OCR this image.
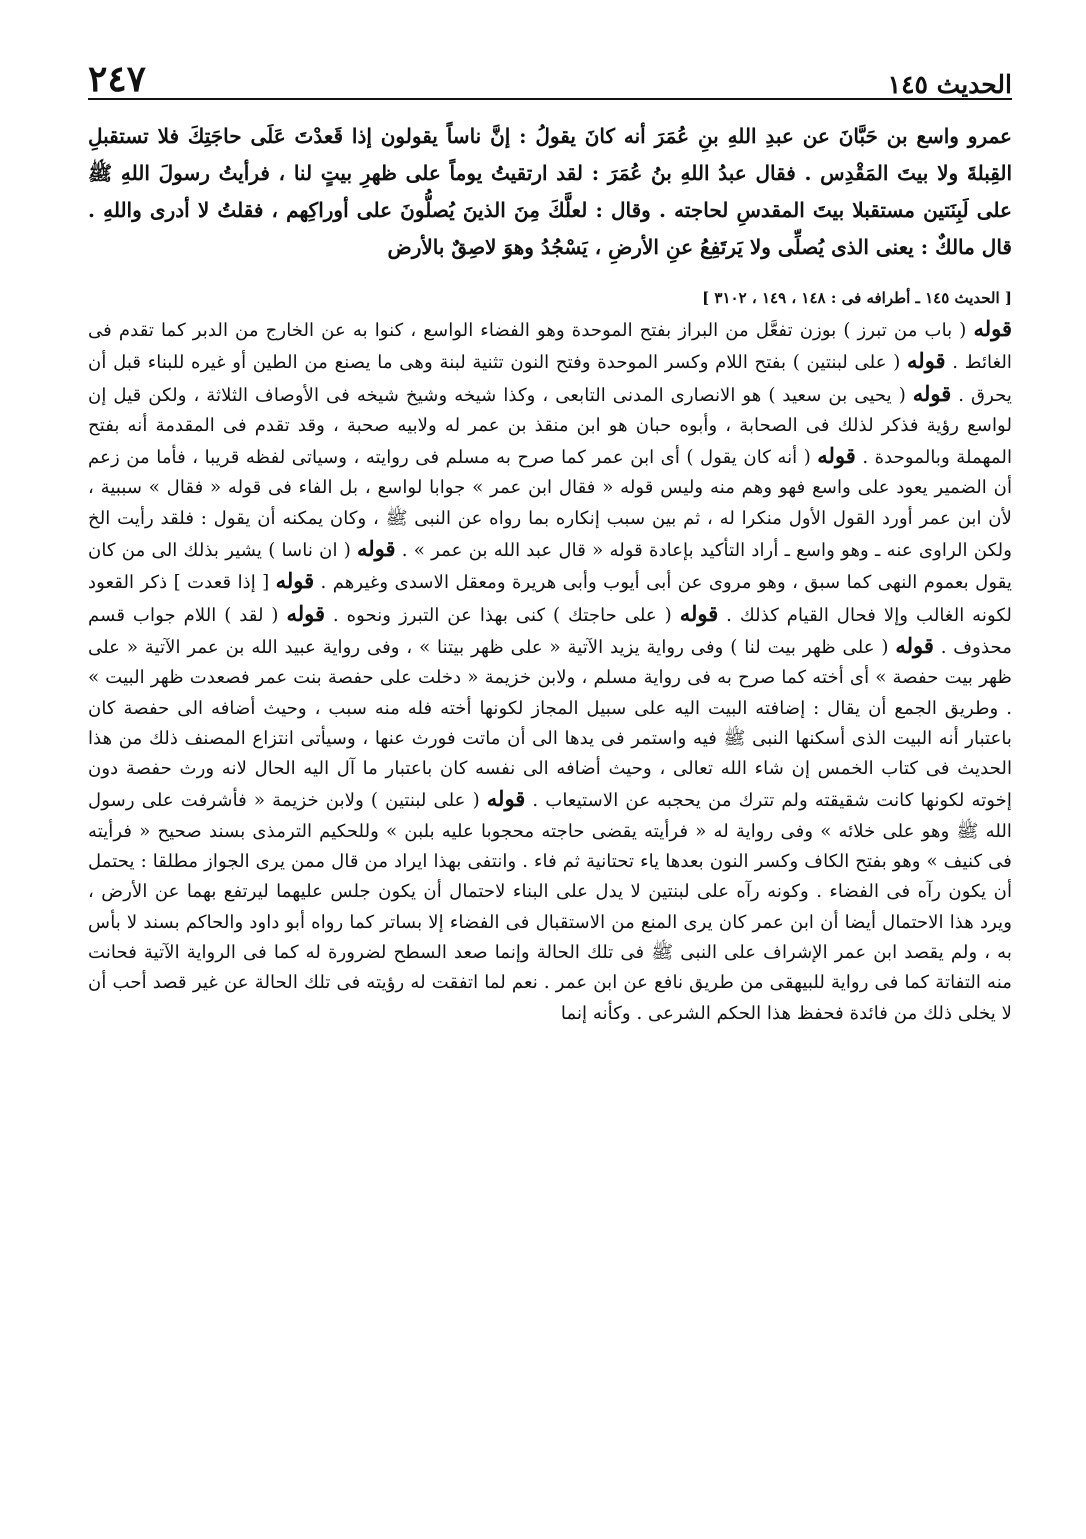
الحديث ١٤٥
٢٤٧

عمرو واسع بن حَبَّانَ عن عبدِ اللهِ بنِ عُمَرَ أنه كانَ يقولُ : إنَّ ناساً يقولون إذا قَعدْتَ عَلَى حاجَتِكَ فلا تستقبلِ القِبلةَ ولا بيتَ المَقْدِس . فقال عبدُ اللهِ بنُ عُمَرَ : لقد ارتقيتُ يوماً على ظهرِ بيتٍ لنا ، فرأيتُ رسولَ اللهِ ﷺ على لَبِنَتين مستقبلا بيتَ المقدسِ لحاجته . وقال : لعلَّكَ مِنَ الذينَ يُصلُّونَ على أوراكِهم ، فقلتُ لا أدرى واللهِ . قال مالكٌ : يعنى الذى يُصلِّى ولا يَرتَفِعُ عنِ الأرضِ ، يَسْجُدُ وهوَ لاصِقٌ بالأرض

[ الحديث ١٤٥ ـ أطرافه فى : ١٤٨ ، ١٤٩ ، ٣١٠٢ ]
قوله ( باب من تبرز ) بوزن تفعَّل من البراز بفتح الموحدة وهو الفضاء الواسع ، كنوا به عن الخارج من الدبر كما تقدم فى الغائط . قوله ( على لبنتين ) بفتح اللام وكسر الموحدة وفتح النون تثنية لبنة وهى ما يصنع من الطين أو غيره للبناء قبل أن يحرق . قوله ( يحيى بن سعيد ) هو الانصارى المدنى التابعى ، وكذا شيخه وشيخ شيخه فى الأوصاف الثلاثة ، ولكن قيل إن لواسع رؤية فذكر لذلك فى الصحابة ، وأبوه حبان هو ابن منقذ بن عمر له ولابيه صحبة ، وقد تقدم فى المقدمة أنه بفتح المهملة وبالموحدة . قوله ( أنه كان يقول ) أى ابن عمر كما صرح به مسلم فى روايته ، وسياتى لفظه قريبا ، فأما من زعم أن الضمير يعود على واسع فهو وهم منه وليس قوله « فقال ابن عمر » جوابا لواسع ، بل الفاء فى قوله « فقال » سببية ، لأن ابن عمر أورد القول الأول منكرا له ، ثم بين سبب إنكاره بما رواه عن النبى ﷺ ، وكان يمكنه أن يقول : فلقد رأيت الخ ولكن الراوى عنه ـ وهو واسع ـ أراد التأكيد بإعادة قوله « قال عبد الله بن عمر » . قوله ( ان ناسا ) يشير بذلك الى من كان يقول بعموم النهى كما سبق ، وهو مروى عن أبى أيوب وأبى هريرة ومعقل الاسدى وغيرهم . قوله [ إذا قعدت ] ذكر القعود لكونه الغالب وإلا فحال القيام كذلك . قوله ( على حاجتك ) كنى بهذا عن التبرز ونحوه . قوله ( لقد ) اللام جواب قسم محذوف . قوله ( على ظهر بيت لنا ) وفى رواية يزيد الآتية « على ظهر بيتنا » ، وفى رواية عبيد الله بن عمر الآتية « على ظهر بيت حفصة » أى أخته كما صرح به فى رواية مسلم ، ولابن خزيمة « دخلت على حفصة بنت عمر فصعدت ظهر البيت » . وطريق الجمع أن يقال : إضافته البيت اليه على سبيل المجاز لكونها أخته فله منه سبب ، وحيث أضافه الى حفصة كان باعتبار أنه البيت الذى أسكنها النبى ﷺ فيه واستمر فى يدها الى أن ماتت فورث عنها ، وسيأتى انتزاع المصنف ذلك من هذا الحديث فى كتاب الخمس إن شاء الله تعالى ، وحيث أضافه الى نفسه كان باعتبار ما آل اليه الحال لانه ورث حفصة دون إخوته لكونها كانت شقيقته ولم تترك من يحجبه عن الاستيعاب . قوله ( على لبنتين ) ولابن خزيمة « فأشرفت على رسول الله ﷺ وهو على خلائه » وفى رواية له « فرأيته يقضى حاجته محجوبا عليه بلبن » وللحكيم الترمذى بسند صحيح « فرأيته فى كنيف » وهو بفتح الكاف وكسر النون بعدها ياء تحتانية ثم فاء . وانتفى بهذا ايراد من قال ممن يرى الجواز مطلقا : يحتمل أن يكون رآه فى الفضاء . وكونه رآه على لبنتين لا يدل على البناء لاحتمال أن يكون جلس عليهما ليرتفع بهما عن الأرض ، ويرد هذا الاحتمال أيضا أن ابن عمر كان يرى المنع من الاستقبال فى الفضاء إلا بساتر كما رواه أبو داود والحاكم بسند لا بأس به ، ولم يقصد ابن عمر الإشراف على النبى ﷺ فى تلك الحالة وإنما صعد السطح لضرورة له كما فى الرواية الآتية فحانت منه التفاتة كما فى رواية للبيهقى من طريق نافع عن ابن عمر . نعم لما اتفقت له رؤيته فى تلك الحالة عن غير قصد أحب أن لا يخلى ذلك من فائدة فحفظ هذا الحكم الشرعى . وكأنه إنما
